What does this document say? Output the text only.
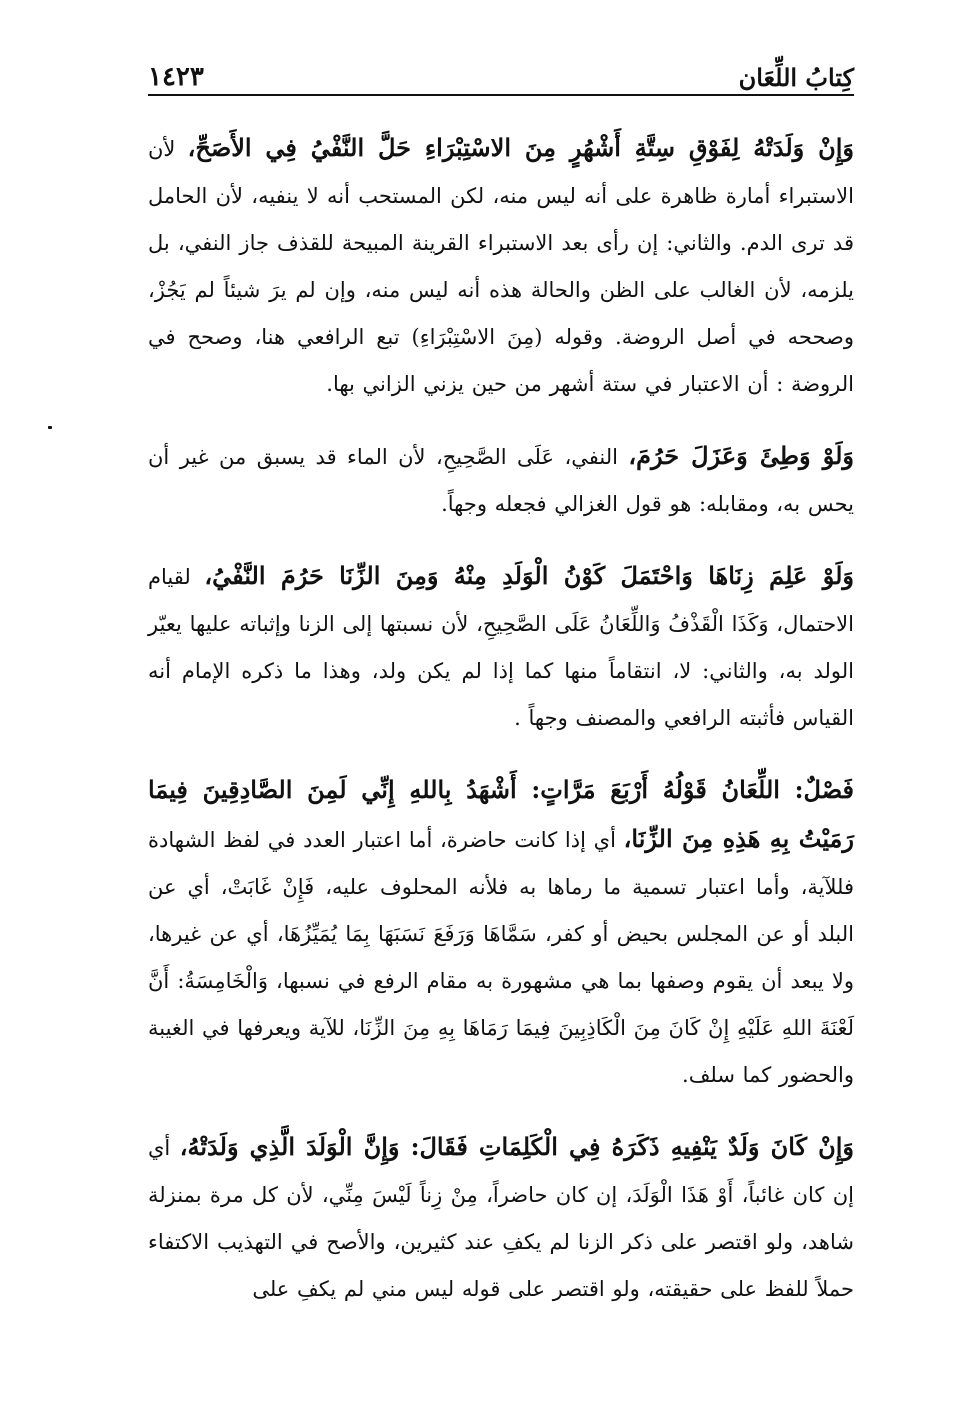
كِتابُ اللِّعَان
١٤٢٣

وَإِنْ وَلَدَتْهُ لِفَوْقِ سِتَّةِ أَشْهُرٍ مِنَ الاسْتِبْرَاءِ حَلَّ النَّفْيُ فِي الأَصَحِّ، لأن الاستبراء أمارة ظاهرة على أنه ليس منه، لكن المستحب أنه لا ينفيه، لأن الحامل قد ترى الدم. والثاني: إن رأى بعد الاستبراء القرينة المبيحة للقذف جاز النفي، بل يلزمه، لأن الغالب على الظن والحالة هذه أنه ليس منه، وإن لم يرَ شيئاً لم يَجُزْ، وصححه في أصل الروضة. وقوله (مِنَ الاسْتِبْرَاءِ) تبع الرافعي هنا، وصحح في الروضة : أن الاعتبار في ستة أشهر من حين يزني الزاني بها.

وَلَوْ وَطِئَ وَعَزَلَ حَرُمَ، النفي، عَلَى الصَّحِيحِ، لأن الماء قد يسبق من غير أن يحس به، ومقابله: هو قول الغزالي فجعله وجهاً.

وَلَوْ عَلِمَ زِنَاهَا وَاحْتَمَلَ كَوْنُ الْوَلَدِ مِنْهُ وَمِنَ الزِّنَا حَرُمَ النَّفْيُ، لقيام الاحتمال، وَكَذَا الْقَذْفُ وَاللِّعَانُ عَلَى الصَّحِيحِ، لأن نسبتها إلى الزنا وإثباته عليها يعيّر الولد به، والثاني: لا، انتقاماً منها كما إذا لم يكن ولد، وهذا ما ذكره الإمام أنه القياس فأثبته الرافعي والمصنف وجهاً .

فَصْلٌ: اللِّعَانُ قَوْلُهُ أَرْبَعَ مَرَّاتٍ: أَشْهَدُ بِاللهِ إِنِّي لَمِنَ الصَّادِقِينَ فِيمَا رَمَيْتُ بِهِ هَذِهِ مِنَ الزِّنَا، أي إذا كانت حاضرة، أما اعتبار العدد في لفظ الشهادة فللآية، وأما اعتبار تسمية ما رماها به فلأنه المحلوف عليه، فَإِنْ غَابَتْ، أي عن البلد أو عن المجلس بحيض أو كفر، سَمَّاهَا وَرَفَعَ نَسَبَهَا بِمَا يُمَيِّزُهَا، أي عن غيرها، ولا يبعد أن يقوم وصفها بما هي مشهورة به مقام الرفع في نسبها، وَالْخَامِسَةُ: أَنَّ لَعْنَةَ اللهِ عَلَيْهِ إِنْ كَانَ مِنَ الْكَاذِبِينَ فِيمَا رَمَاهَا بِهِ مِنَ الزِّنَا، للآية ويعرفها في الغيبة والحضور كما سلف.

وَإِنْ كَانَ وَلَدٌ يَنْفِيهِ ذَكَرَهُ فِي الْكَلِمَاتِ فَقَالَ: وَإِنَّ الْوَلَدَ الَّذِي وَلَدَتْهُ، أي إن كان غائباً، أَوْ هَذَا الْوَلَدَ، إن كان حاضراً، مِنْ زِناً لَيْسَ مِنِّي، لأن كل مرة بمنزلة شاهد، ولو اقتصر على ذكر الزنا لم يكفِ عند كثيرين، والأصح في التهذيب الاكتفاء حملاً للفظ على حقيقته، ولو اقتصر على قوله ليس مني لم يكفِ على
